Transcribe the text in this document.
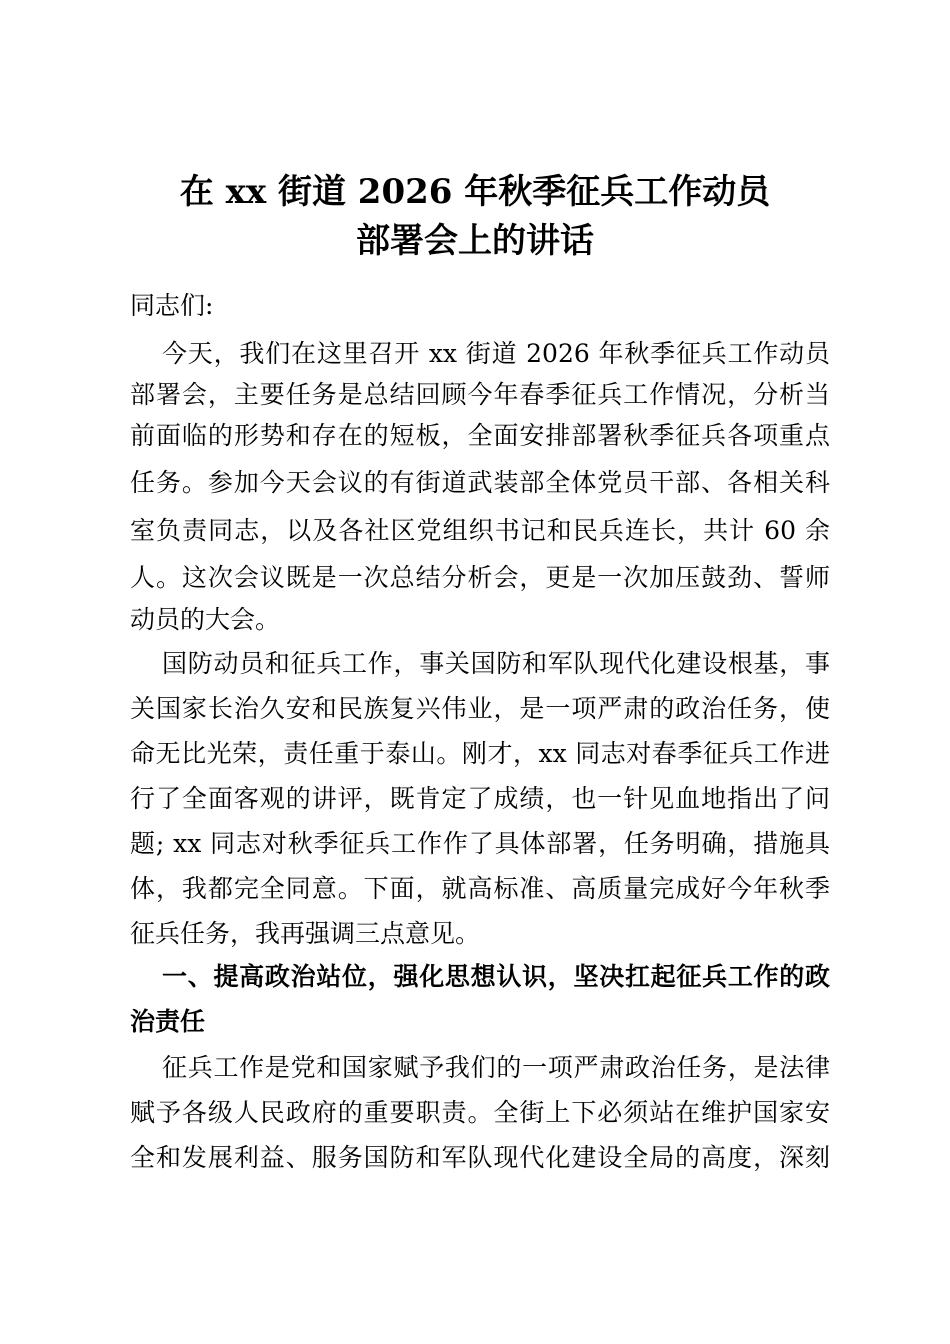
在 xx 街道 2026 年秋季征兵工作动员
部署会上的讲话
同志们:
今天，我们在这里召开 xx 街道 2026 年秋季征兵工作动员
部署会，主要任务是总结回顾今年春季征兵工作情况，分析当
前面临的形势和存在的短板，全面安排部署秋季征兵各项重点
任务。参加今天会议的有街道武装部全体党员干部、各相关科
室负责同志，以及各社区党组织书记和民兵连长，共计 60 余
人。这次会议既是一次总结分析会，更是一次加压鼓劲、誓师
动员的大会。
国防动员和征兵工作，事关国防和军队现代化建设根基，事
关国家长治久安和民族复兴伟业，是一项严肃的政治任务，使
命无比光荣，责任重于泰山。刚才，xx 同志对春季征兵工作进
行了全面客观的讲评，既肯定了成绩，也一针见血地指出了问
题; xx 同志对秋季征兵工作作了具体部署，任务明确，措施具
体，我都完全同意。下面，就高标准、高质量完成好今年秋季
征兵任务，我再强调三点意见。
一、提高政治站位，强化思想认识，坚决扛起征兵工作的政
治责任
征兵工作是党和国家赋予我们的一项严肃政治任务，是法律
赋予各级人民政府的重要职责。全街上下必须站在维护国家安
全和发展利益、服务国防和军队现代化建设全局的高度，深刻
